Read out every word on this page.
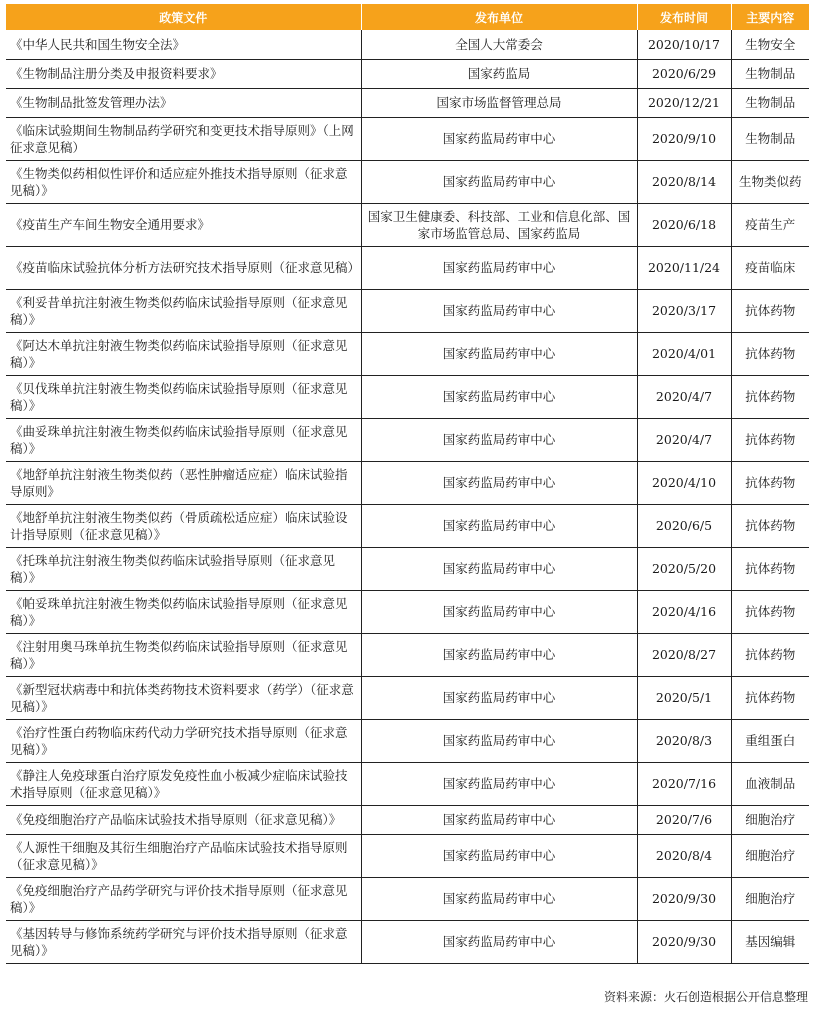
政策文件	发布单位	发布时间	主要内容
《中华人民共和国生物安全法》	全国人大常委会	2020/10/17	生物安全
《生物制品注册分类及申报资料要求》	国家药监局	2020/6/29	生物制品
《生物制品批签发管理办法》	国家市场监督管理总局	2020/12/21	生物制品
《临床试验期间生物制品药学研究和变更技术指导原则》（上网征求意见稿）	国家药监局药审中心	2020/9/10	生物制品
《生物类似药相似性评价和适应症外推技术指导原则（征求意见稿）》	国家药监局药审中心	2020/8/14	生物类似药
《疫苗生产车间生物安全通用要求》	国家卫生健康委、科技部、工业和信息化部、国家市场监管总局、国家药监局	2020/6/18	疫苗生产
《疫苗临床试验抗体分析方法研究技术指导原则（征求意见稿）	国家药监局药审中心	2020/11/24	疫苗临床
《利妥昔单抗注射液生物类似药临床试验指导原则（征求意见稿）》	国家药监局药审中心	2020/3/17	抗体药物
《阿达木单抗注射液生物类似药临床试验指导原则（征求意见稿）》	国家药监局药审中心	2020/4/01	抗体药物
《贝伐珠单抗注射液生物类似药临床试验指导原则（征求意见稿）》	国家药监局药审中心	2020/4/7	抗体药物
《曲妥珠单抗注射液生物类似药临床试验指导原则（征求意见稿）》	国家药监局药审中心	2020/4/7	抗体药物
《地舒单抗注射液生物类似药（恶性肿瘤适应症）临床试验指导原则》	国家药监局药审中心	2020/4/10	抗体药物
《地舒单抗注射液生物类似药（骨质疏松适应症）临床试验设计指导原则（征求意见稿）》	国家药监局药审中心	2020/6/5	抗体药物
《托珠单抗注射液生物类似药临床试验指导原则（征求意见稿）》	国家药监局药审中心	2020/5/20	抗体药物
《帕妥珠单抗注射液生物类似药临床试验指导原则（征求意见稿）》	国家药监局药审中心	2020/4/16	抗体药物
《注射用奥马珠单抗生物类似药临床试验指导原则（征求意见稿）》	国家药监局药审中心	2020/8/27	抗体药物
《新型冠状病毒中和抗体类药物技术资料要求（药学）（征求意见稿）》	国家药监局药审中心	2020/5/1	抗体药物
《治疗性蛋白药物临床药代动力学研究技术指导原则（征求意见稿）》	国家药监局药审中心	2020/8/3	重组蛋白
《静注人免疫球蛋白治疗原发免疫性血小板减少症临床试验技术指导原则（征求意见稿）》	国家药监局药审中心	2020/7/16	血液制品
《免疫细胞治疗产品临床试验技术指导原则（征求意见稿）》	国家药监局药审中心	2020/7/6	细胞治疗
《人源性干细胞及其衍生细胞治疗产品临床试验技术指导原则（征求意见稿）》	国家药监局药审中心	2020/8/4	细胞治疗
《免疫细胞治疗产品药学研究与评价技术指导原则（征求意见稿）》	国家药监局药审中心	2020/9/30	细胞治疗
《基因转导与修饰系统药学研究与评价技术指导原则（征求意见稿）》	国家药监局药审中心	2020/9/30	基因编辑
资料来源：火石创造根据公开信息整理
